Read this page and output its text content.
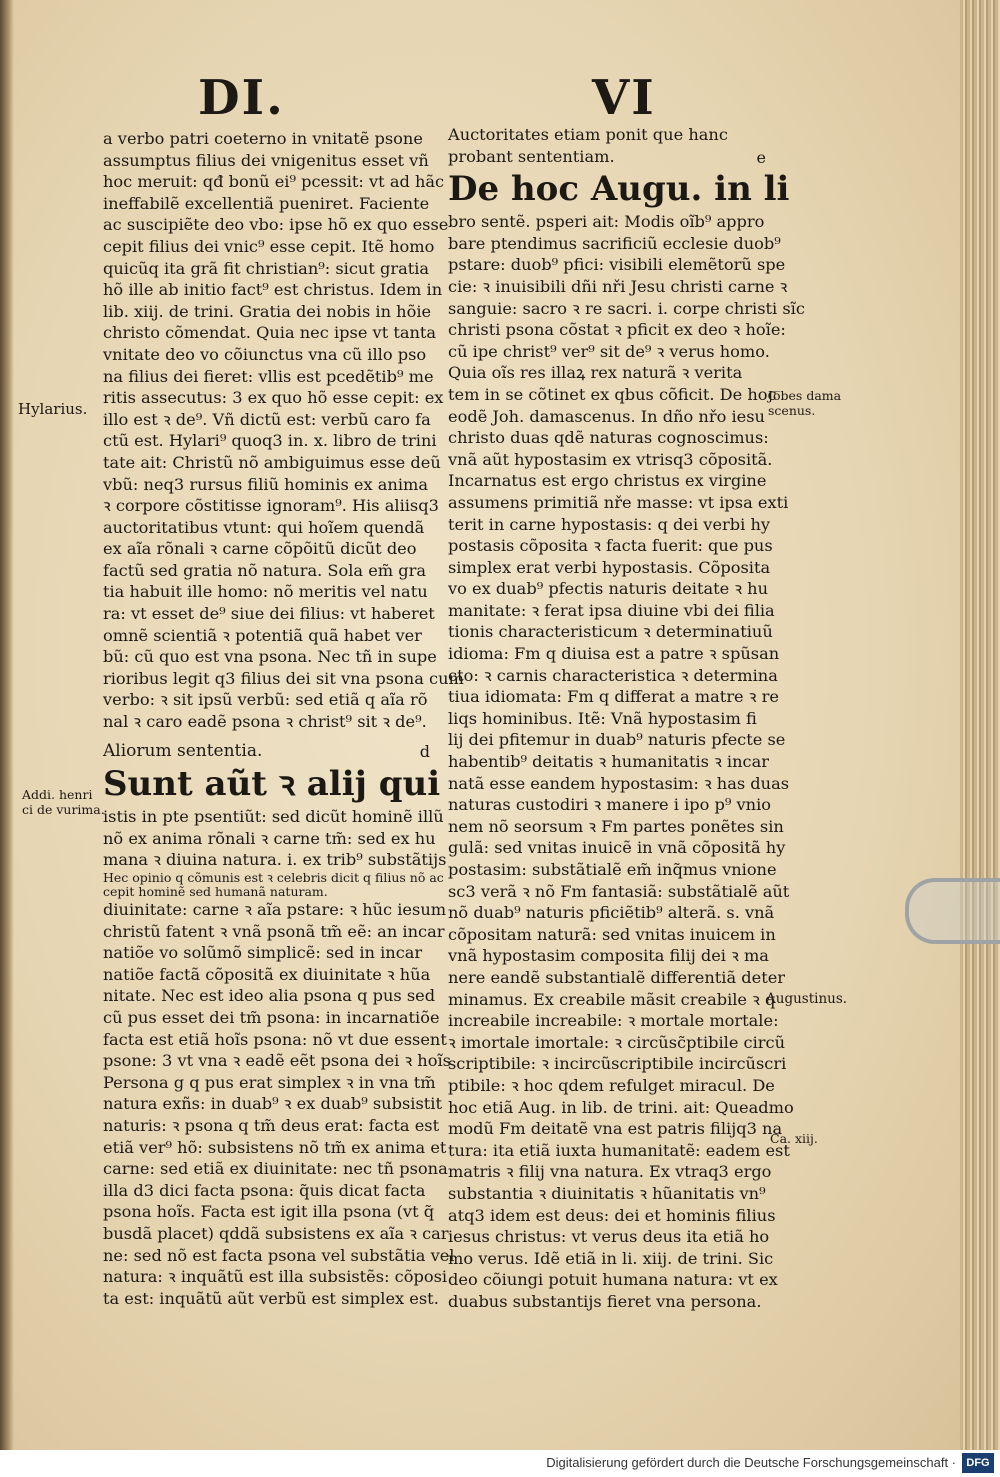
DI.	VI

a verbo patri coeterno in vnitatẽ psone

assumptus filius dei vnigenitus esset vñ

hoc meruit: qđ bonũ ei⁹ pcessit: vt ad hãc

ineffabilẽ excellentiã pueniret. Faciente

ac suscipiẽte deo vbo: ipse hõ ex quo esse

cepit filius dei vnic⁹ esse cepit. Itẽ homo

quicũq ita grã fit christian⁹: sicut gratia

hõ ille ab initio fact⁹ est christus. Idem in

lib. xiij. de trini. Gratia dei nobis in hõie

christo cõmendat. Quia nec ipse vt tanta

vnitate deo vo cõiunctus vna cũ illo pso

na filius dei fieret: vllis est pcedẽtib⁹ me

ritis assecutus: 3 ex quo hõ esse cepit: ex

illo est ꝛ de⁹. Vñ dictũ est: verbũ caro fa

ctũ est. Hylari⁹ quoq3 in. x. libro de trini

tate ait: Christũ nõ ambiguimus esse deũ

vbũ: neq3 rursus filiũ hominis ex anima

ꝛ corpore cõstitisse ignoram⁹. His aliisq3

auctoritatibus vtunt: qui hoĩem quendã

ex aĩa rõnali ꝛ carne cõpõitũ dicũt deo

factũ sed gratia nõ natura. Sola em̃ gra

tia habuit ille homo: nõ meritis vel natu

ra: vt esset de⁹ siue dei filius: vt haberet

omnẽ scientiã ꝛ potentiã quã habet ver

bũ: cũ quo est vna psona. Nec tñ in supe

rioribus legit q3 filius dei sit vna psona cum

verbo: ꝛ sit ipsũ verbũ: sed etiã q aĩa rõ

nal ꝛ caro eadẽ psona ꝛ christ⁹ sit ꝛ de⁹.

Aliorum sententia.	d

Sunt aũt ꝛ alij qui

istis in pte psentiũt: sed dicũt hominẽ illũ

nõ ex anima rõnali ꝛ carne tm̃: sed ex hu

mana ꝛ diuina natura. i. ex trib⁹ substãtijs

Hec opinio q cõmunis est ꝛ celebris dicit q filius nõ ac

cepit hominẽ sed humanã naturam.

diuinitate: carne ꝛ aĩa pstare: ꝛ hũc iesum

christũ fatent ꝛ vnã psonã tm̃ eẽ: an incar

natiõe vo solũmõ simplicẽ: sed in incar

natiõe factã cõpositã ex diuinitate ꝛ hũa

nitate. Nec est ideo alia psona q pus sed

cũ pus esset dei tm̃ psona: in incarnatiõe

facta est etiã hoĩs psona: nõ vt due essent

psone: 3 vt vna ꝛ eadẽ eẽt psona dei ꝛ hoĩs

Persona g q pus erat simplex ꝛ in vna tm̃

natura exñs: in duab⁹ ꝛ ex duab⁹ subsistit

naturis: ꝛ psona q tm̃ deus erat: facta est

etiã ver⁹ hõ: subsistens nõ tm̃ ex anima et

carne: sed etiã ex diuinitate: nec tñ psona

illa d3 dici facta psona: q̃uis dicat facta

psona hoĩs. Facta est igit illa psona (vt q̃

busdã placet) qddã subsistens ex aĩa ꝛ car

ne: sed nõ est facta psona vel substãtia vel

natura: ꝛ inquãtũ est illa subsistẽs: cõposi

ta est: inquãtũ aũt verbũ est simplex est.

Auctoritates etiam ponit que hanc

probant sententiam.	e

De hoc Augu. in li

bro sentẽ. psperi ait: Modis oĩb⁹ appro

bare ptendimus sacrificiũ ecclesie duob⁹

pstare: duob⁹ pfici: visibili elemẽtorũ spe

cie: ꝛ inuisibili dñi nři Jesu christi carne ꝛ

sanguie: sacro ꝛ re sacri. i. corpe christi sĩc

christi psona cõstat ꝛ pficit ex deo ꝛ hoĩe:

cũ ipe christ⁹ ver⁹ sit de⁹ ꝛ verus homo.

Quia oĩs res illaꝝ rex naturã ꝛ verita

tem in se cõtinet ex qbus cõficit. De hoc

eodẽ Joh. damascenus. In dño nřo iesu

christo duas qdẽ naturas cognoscimus:

vnã aũt hypostasim ex vtrisq3 cõpositã.

Incarnatus est ergo christus ex virgine

assumens primitiã nře masse: vt ipsa exti

terit in carne hypostasis: q dei verbi hy

postasis cõposita ꝛ facta fuerit: que pus

simplex erat verbi hypostasis. Cõposita

vo ex duab⁹ pfectis naturis deitate ꝛ hu

manitate: ꝛ ferat ipsa diuine vbi dei filia

tionis characteristicum ꝛ determinatiuũ

idioma: Fm q diuisa est a patre ꝛ spũsan

cto: ꝛ carnis characteristica ꝛ determina

tiua idiomata: Fm q differat a matre ꝛ re

liqs hominibus. Itẽ: Vnã hypostasim fi

lij dei pfitemur in duab⁹ naturis pfecte se

habentib⁹ deitatis ꝛ humanitatis ꝛ incar

natã esse eandem hypostasim: ꝛ has duas

naturas custodiri ꝛ manere i ipo p⁹ vnio

nem nõ seorsum ꝛ Fm partes ponẽtes sin

gulã: sed vnitas inuicẽ in vnã cõpositã hy

postasim: substãtialẽ em̃ inq̃mus vnione

sc3 verã ꝛ nõ Fm fantasiã: substãtialẽ aũt

nõ duab⁹ naturis pficiẽtib⁹ alterã. s. vnã

cõpositam naturã: sed vnitas inuicem in

vnã hypostasim composita filij dei ꝛ ma

nere eandẽ substantialẽ differentiã deter

minamus. Ex creabile mãsit creabile ꝛ q

increabile increabile: ꝛ mortale mortale:

ꝛ imortale imortale: ꝛ circũsc̃ptibile circũ

scriptibile: ꝛ incircũscriptibile incircũscri

ptibile: ꝛ hoc qdem refulget miracul. De

hoc etiã Aug. in lib. de trini. ait: Queadmo

modũ Fm deitatẽ vna est patris filijq3 na

tura: ita etiã iuxta humanitatẽ: eadem est

matris ꝛ filij vna natura. Ex vtraq3 ergo

substantia ꝛ diuinitatis ꝛ hũanitatis vn⁹

atq3 idem est deus: dei et hominis filius

iesus christus: vt verus deus ita etiã ho

mo verus. Idẽ etiã in li. xiij. de trini. Sic

deo cõiungi potuit humana natura: vt ex

duabus substantijs fieret vna persona.

Hylarius.
Addi. henri
ci de vurima.
Jo̅bes dama
scenus.
Augustinus.
Ca. xiij.
Digitalisierung gefördert durch die Deutsche Forschungsgemeinschaft · DFG
